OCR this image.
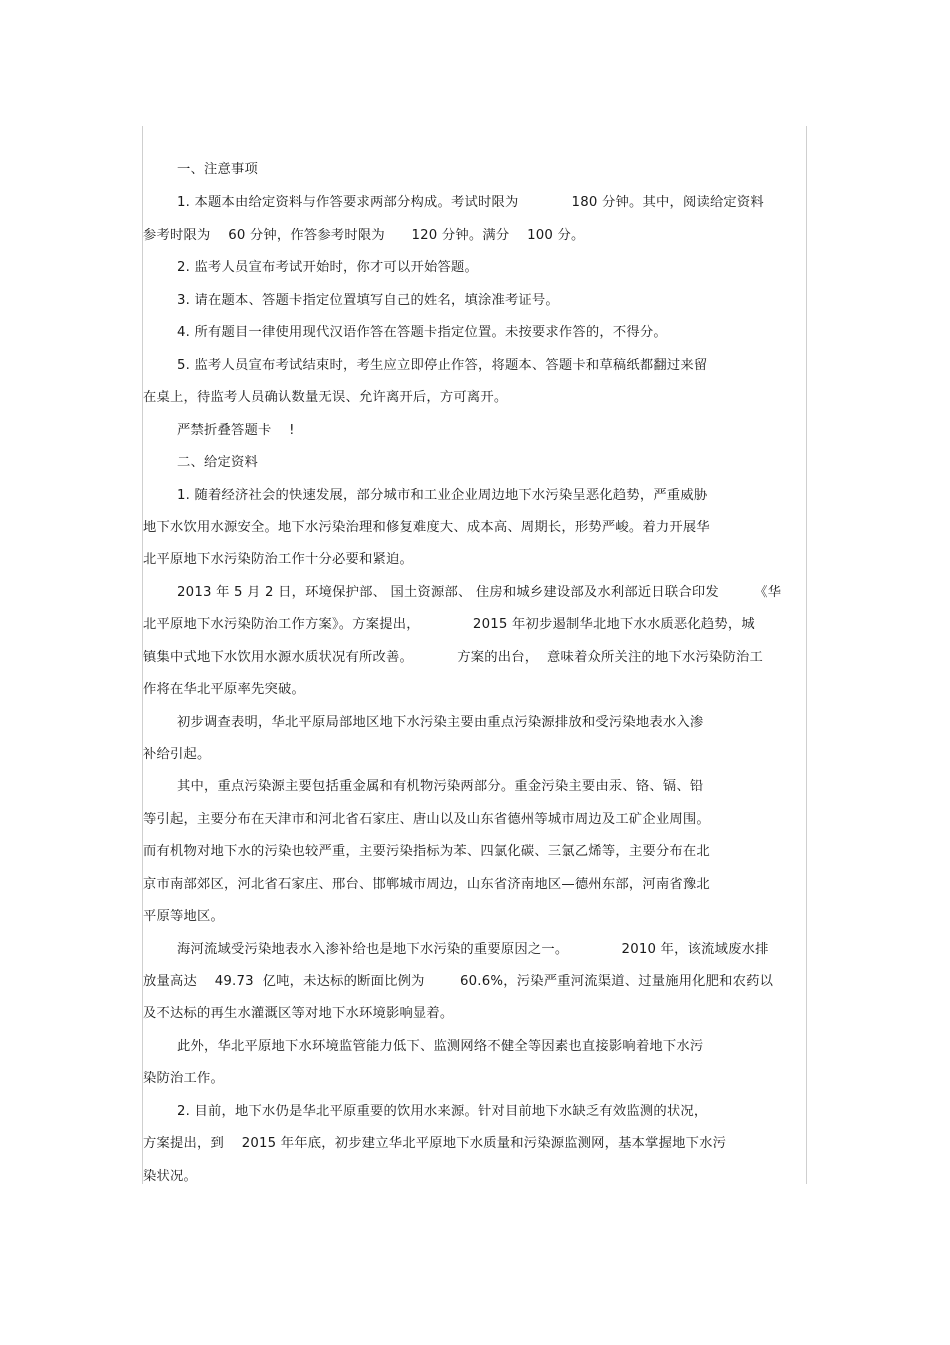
一、注意事项
1. 本题本由给定资料与作答要求两部分构成。考试时限为            180 分钟。其中，阅读给定资料
参考时限为    60 分钟，作答参考时限为      120 分钟。满分    100 分。
2. 监考人员宣布考试开始时，你才可以开始答题。
3. 请在题本、答题卡指定位置填写自己的姓名，填涂准考证号。
4. 所有题目一律使用现代汉语作答在答题卡指定位置。未按要求作答的，不得分。
5. 监考人员宣布考试结束时，考生应立即停止作答，将题本、答题卡和草稿纸都翻过来留
在桌上，待监考人员确认数量无误、允许离开后，方可离开。
严禁折叠答题卡    !
二、给定资料
1. 随着经济社会的快速发展，部分城市和工业企业周边地下水污染呈恶化趋势，严重威胁
地下水饮用水源安全。地下水污染治理和修复难度大、成本高、周期长，形势严峻。着力开展华
北平原地下水污染防治工作十分必要和紧迫。
2013 年 5 月 2 日，环境保护部、 国土资源部、 住房和城乡建设部及水利部近日联合印发        《华
北平原地下水污染防治工作方案》。方案提出，            2015 年初步遏制华北地下水水质恶化趋势，城
镇集中式地下水饮用水源水质状况有所改善。          方案的出台，  意味着众所关注的地下水污染防治工
作将在华北平原率先突破。
初步调查表明，华北平原局部地区地下水污染主要由重点污染源排放和受污染地表水入渗
补给引起。
其中，重点污染源主要包括重金属和有机物污染两部分。重金污染主要由汞、铬、镉、铅
等引起，主要分布在天津市和河北省石家庄、唐山以及山东省德州等城市周边及工矿企业周围。
而有机物对地下水的污染也较严重，主要污染指标为苯、四氯化碳、三氯乙烯等，主要分布在北
京市南部郊区，河北省石家庄、邢台、邯郸城市周边，山东省济南地区—德州东部，河南省豫北
平原等地区。
海河流域受污染地表水入渗补给也是地下水污染的重要原因之一。            2010 年，该流域废水排
放量高达    49.73  亿吨，未达标的断面比例为        60.6%，污染严重河流渠道、过量施用化肥和农药以
及不达标的再生水灌溉区等对地下水环境影响显着。
此外，华北平原地下水环境监管能力低下、监测网络不健全等因素也直接影响着地下水污
染防治工作。
2. 目前，地下水仍是华北平原重要的饮用水来源。针对目前地下水缺乏有效监测的状况，
方案提出，到    2015 年年底，初步建立华北平原地下水质量和污染源监测网，基本掌握地下水污
染状况。
